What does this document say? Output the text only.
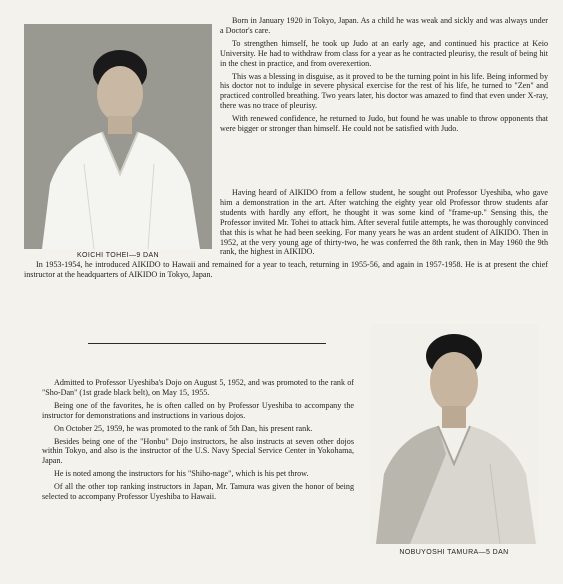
KOICHI TOHEI—9 DAN

Born in January 1920 in Tokyo, Japan. As a child he was weak and sickly and was always under a Doctor's care.

To strengthen himself, he took up Judo at an early age, and continued his practice at Keio University. He had to withdraw from class for a year as he contracted pleurisy, the result of being hit in the chest in practice, and from overexertion.

This was a blessing in disguise, as it proved to be the turning point in his life. Being informed by his doctor not to indulge in severe physical exercise for the rest of his life, he turned to "Zen" and practiced controlled breathing. Two years later, his doctor was amazed to find that even under X-ray, there was no trace of pleurisy.

With renewed confidence, he returned to Judo, but found he was unable to throw opponents that were bigger or stronger than himself. He could not be satisfied with Judo.

Having heard of AIKIDO from a fellow student, he sought out Professor Uyeshiba, who gave him a demonstration in the art. After watching the eighty year old Professor throw students afar students with hardly any effort, he thought it was some kind of "frame-up." Sensing this, the Professor invited Mr. Tohei to attack him. After several futile attempts, he was thoroughly convinced that this is what he had been seeking. For many years he was an ardent student of AIKIDO. Then in 1952, at the very young age of thirty-two, he was conferred the 8th rank, then in May 1960 the 9th rank, the highest in AIKIDO.

In 1953-1954, he introduced AIKIDO to Hawaii and remained for a year to teach, returning in 1955-56, and again in 1957-1958. He is at present the chief instructor at the headquarters of AIKIDO in Tokyo, Japan.

Admitted to Professor Uyeshiba's Dojo on August 5, 1952, and was promoted to the rank of "Sho-Dan" (1st grade black belt), on May 15, 1955.

Being one of the favorites, he is often called on by Professor Uyeshiba to accompany the instructor for demonstrations and instructions in various dojos.

On October 25, 1959, he was promoted to the rank of 5th Dan, his present rank.

Besides being one of the "Honbu" Dojo instructors, he also instructs at seven other dojos within Tokyo, and also is the instructor of the U.S. Navy Special Service Center in Yokohama, Japan.

He is noted among the instructors for his "Shiho-nage", which is his pet throw.

Of all the other top ranking instructors in Japan, Mr. Tamura was given the honor of being selected to accompany Professor Uyeshiba to Hawaii.

NOBUYOSHI TAMURA—5 DAN
